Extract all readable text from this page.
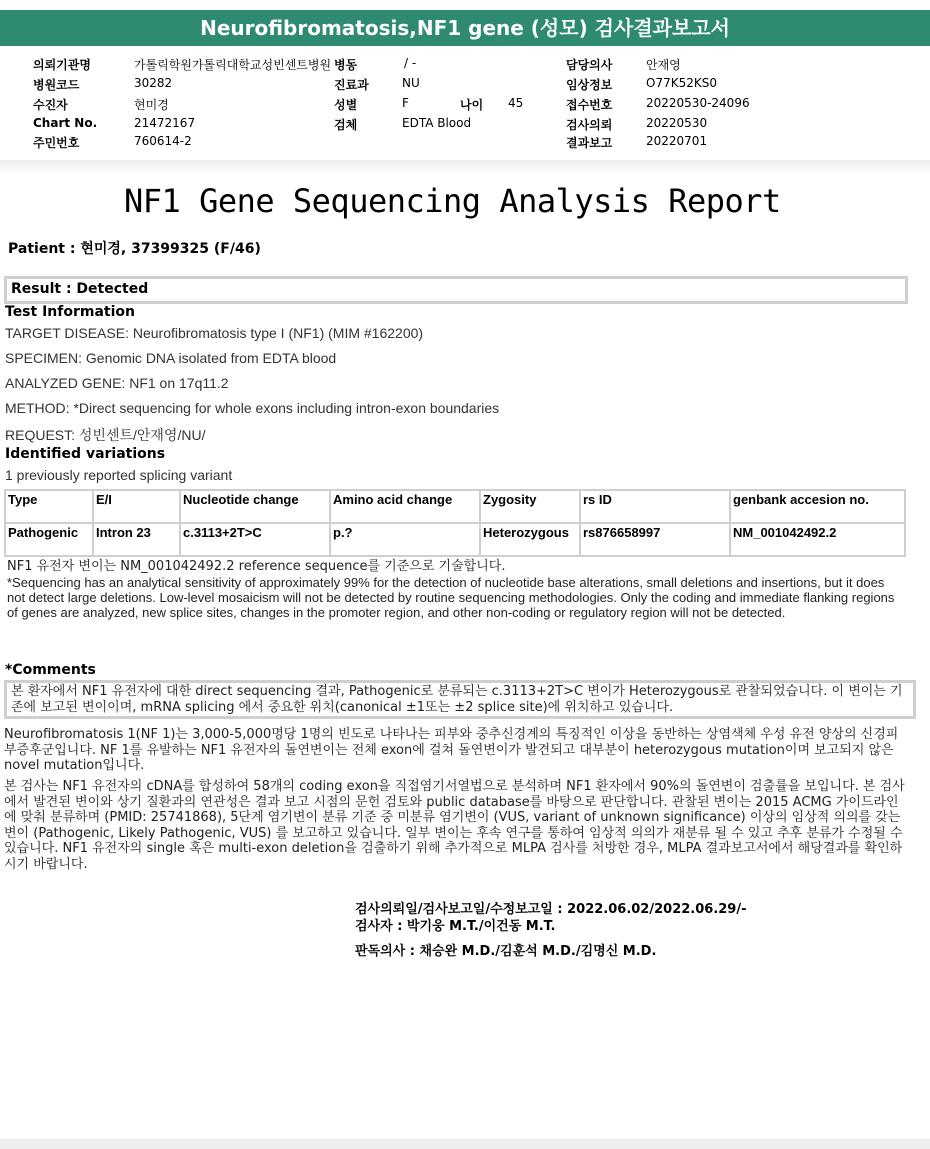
Neurofibromatosis,NF1 gene (성모) 검사결과보고서
의뢰기관명	가톨릭학원가톨릭대학교성빈센트병원
병원코드	30282
수진자	현미경
Chart No.	21472167
주민번호	760614-2
병동	/ -
진료과	NU
성별	F	나이 45
검체	EDTA Blood
담당의사	안재영
임상정보	O77K52KS0
접수번호	20220530-24096
검사의뢰	20220530
결과보고	20220701
NF1 Gene Sequencing Analysis Report
Patient : 현미경, 37399325 (F/46)
Result : Detected
Test Information
TARGET DISEASE: Neurofibromatosis type I (NF1) (MIM #162200)
SPECIMEN: Genomic DNA isolated from EDTA blood
ANALYZED GENE: NF1 on 17q11.2
METHOD: *Direct sequencing for whole exons including intron-exon boundaries
REQUEST: 성빈센트/안재영/NU/
Identified variations
1 previously reported splicing variant
Type	E/I	Nucleotide change	Amino acid change	Zygosity	rs ID	genbank accesion no.
Pathogenic	Intron 23	c.3113+2T>C	p.?	Heterozygous	rs876658997	NM_001042492.2
NF1 유전자 변이는 NM_001042492.2 reference sequence를 기준으로 기술합니다.
*Sequencing has an analytical sensitivity of approximately 99% for the detection of nucleotide base alterations, small deletions and insertions, but it does not detect large deletions. Low-level mosaicism will not be detected by routine sequencing methodologies. Only the coding and immediate flanking regions of genes are analyzed, new splice sites, changes in the promoter region, and other non-coding or regulatory region will not be detected.
*Comments
본 환자에서 NF1 유전자에 대한 direct sequencing 결과, Pathogenic로 분류되는 c.3113+2T>C 변이가 Heterozygous로 관찰되었습니다. 이 변이는 기존에 보고된 변이이며, mRNA splicing 에서 중요한 위치(canonical ±1또는 ±2 splice site)에 위치하고 있습니다.
Neurofibromatosis 1(NF 1)는 3,000-5,000명당 1명의 빈도로 나타나는 피부와 중추신경계의 특징적인 이상을 동반하는 상염색체 우성 유전 양상의 신경피부증후군입니다. NF 1를 유발하는 NF1 유전자의 돌연변이는 전체 exon에 걸쳐 돌연변이가 발견되고 대부분이 heterozygous mutation이며 보고되지 않은 novel mutation입니다.
본 검사는 NF1 유전자의 cDNA를 합성하여 58개의 coding exon을 직접염기서열법으로 분석하며 NF1 환자에서 90%의 돌연변이 검출률을 보입니다. 본 검사에서 발견된 변이와 상기 질환과의 연관성은 결과 보고 시점의 문헌 검토와 public database를 바탕으로 판단합니다. 관찰된 변이는 2015 ACMG 가이드라인에 맞춰 분류하며 (PMID: 25741868), 5단계 염기변이 분류 기준 중 미분류 염기변이 (VUS, variant of unknown significance) 이상의 임상적 의의를 갖는 변이 (Pathogenic, Likely Pathogenic, VUS) 를 보고하고 있습니다. 일부 변이는 후속 연구를 통하여 임상적 의의가 재분류 될 수 있고 추후 분류가 수정될 수 있습니다. NF1 유전자의 single 혹은 multi-exon deletion을 검출하기 위해 추가적으로 MLPA 검사를 처방한 경우, MLPA 결과보고서에서 해당결과를 확인하시기 바랍니다.
검사의뢰일/검사보고일/수정보고일 : 2022.06.02/2022.06.29/-
검사자 : 박기웅 M.T./이건동 M.T.
판독의사 : 채승완 M.D./김훈석 M.D./김명신 M.D.
